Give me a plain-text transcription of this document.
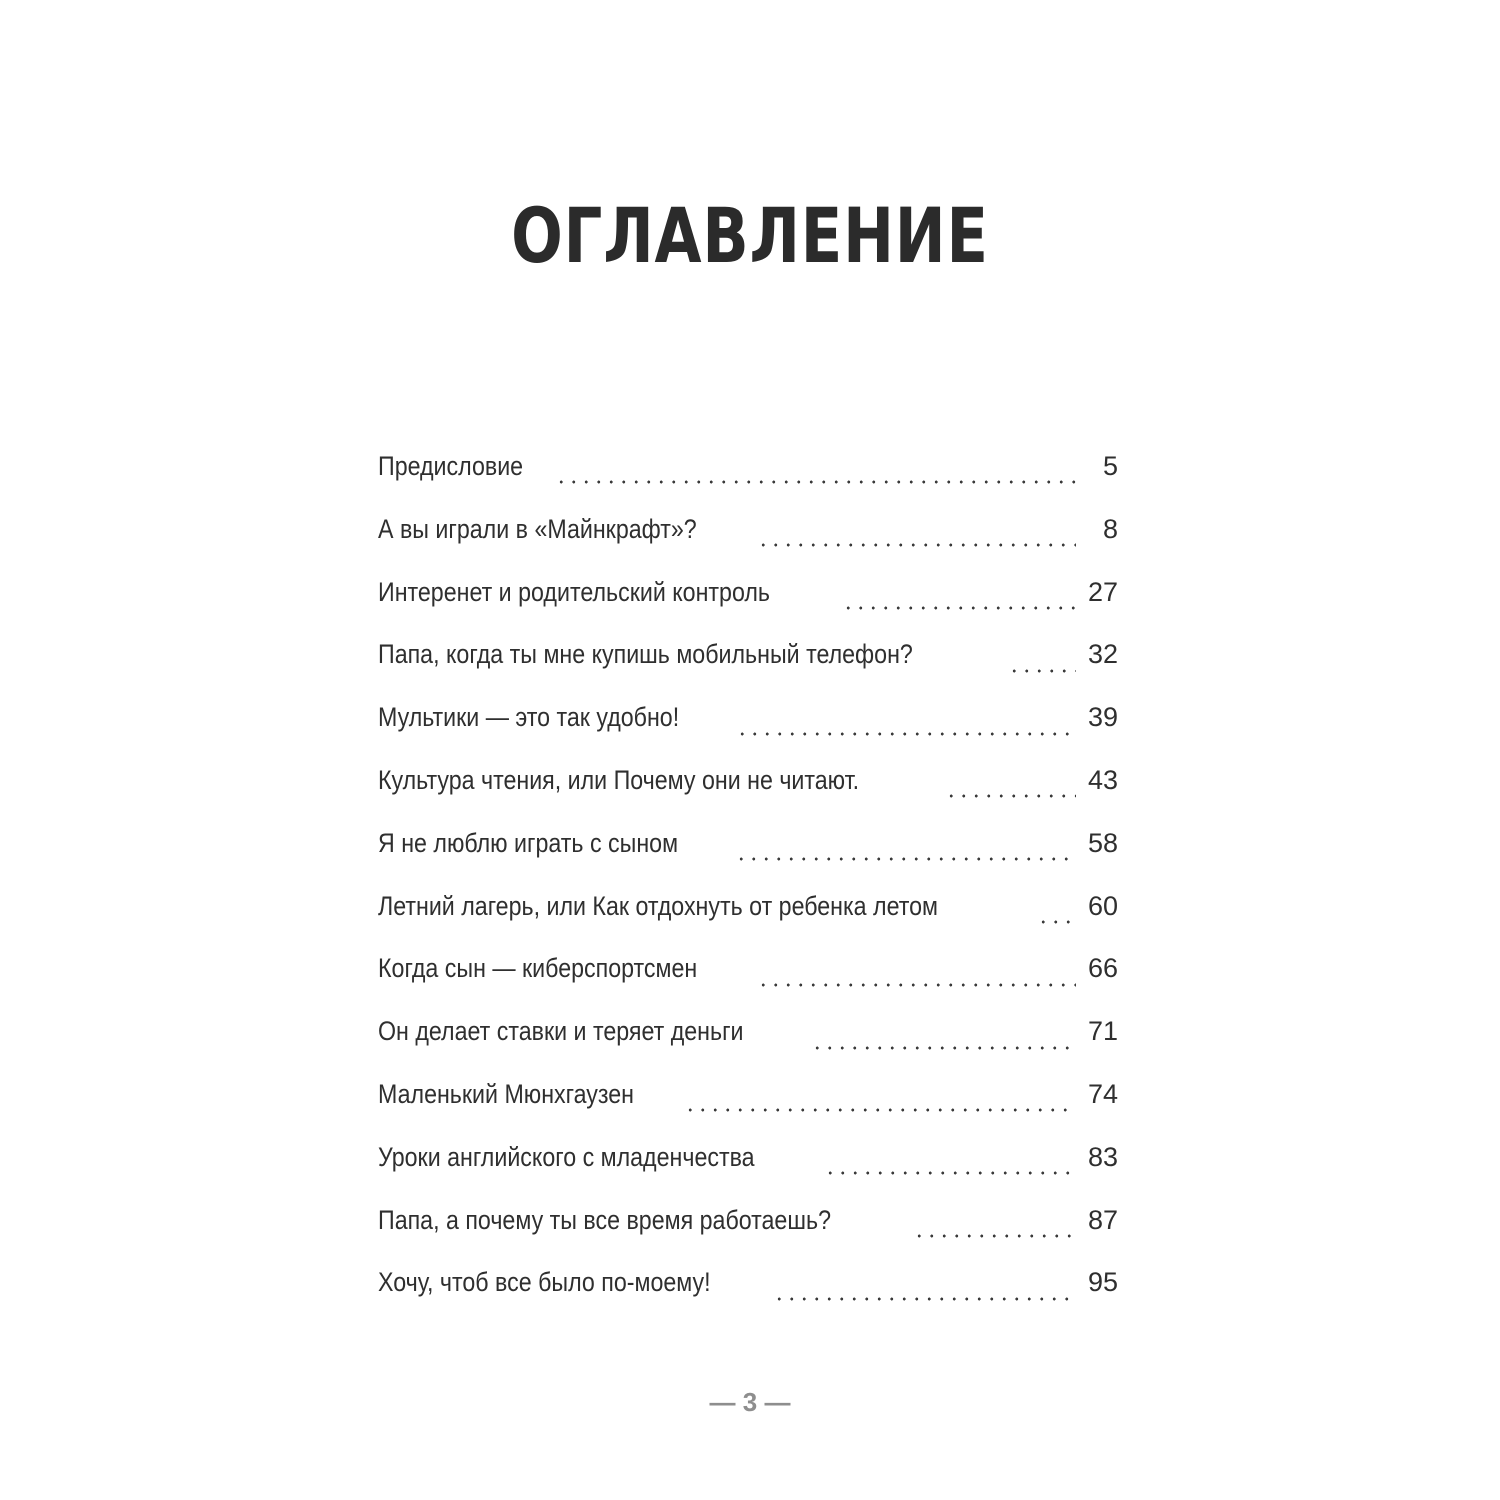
ОГЛАВЛЕНИЕ
Предисловие	5
А вы играли в «Майнкрафт»?	8
Интеренет и родительский контроль	27
Папа, когда ты мне купишь мобильный телефон?	32
Мультики — это так удобно!	39
Культура чтения, или Почему они не читают.	43
Я не люблю играть с сыном	58
Летний лагерь, или Как отдохнуть от ребенка летом	60
Когда сын — киберспортсмен	66
Он делает ставки и теряет деньги	71
Маленький Мюнхгаузен	74
Уроки английского с младенчества	83
Папа, а почему ты все время работаешь?	87
Хочу, чтоб все было по-моему!	95
— 3 —
